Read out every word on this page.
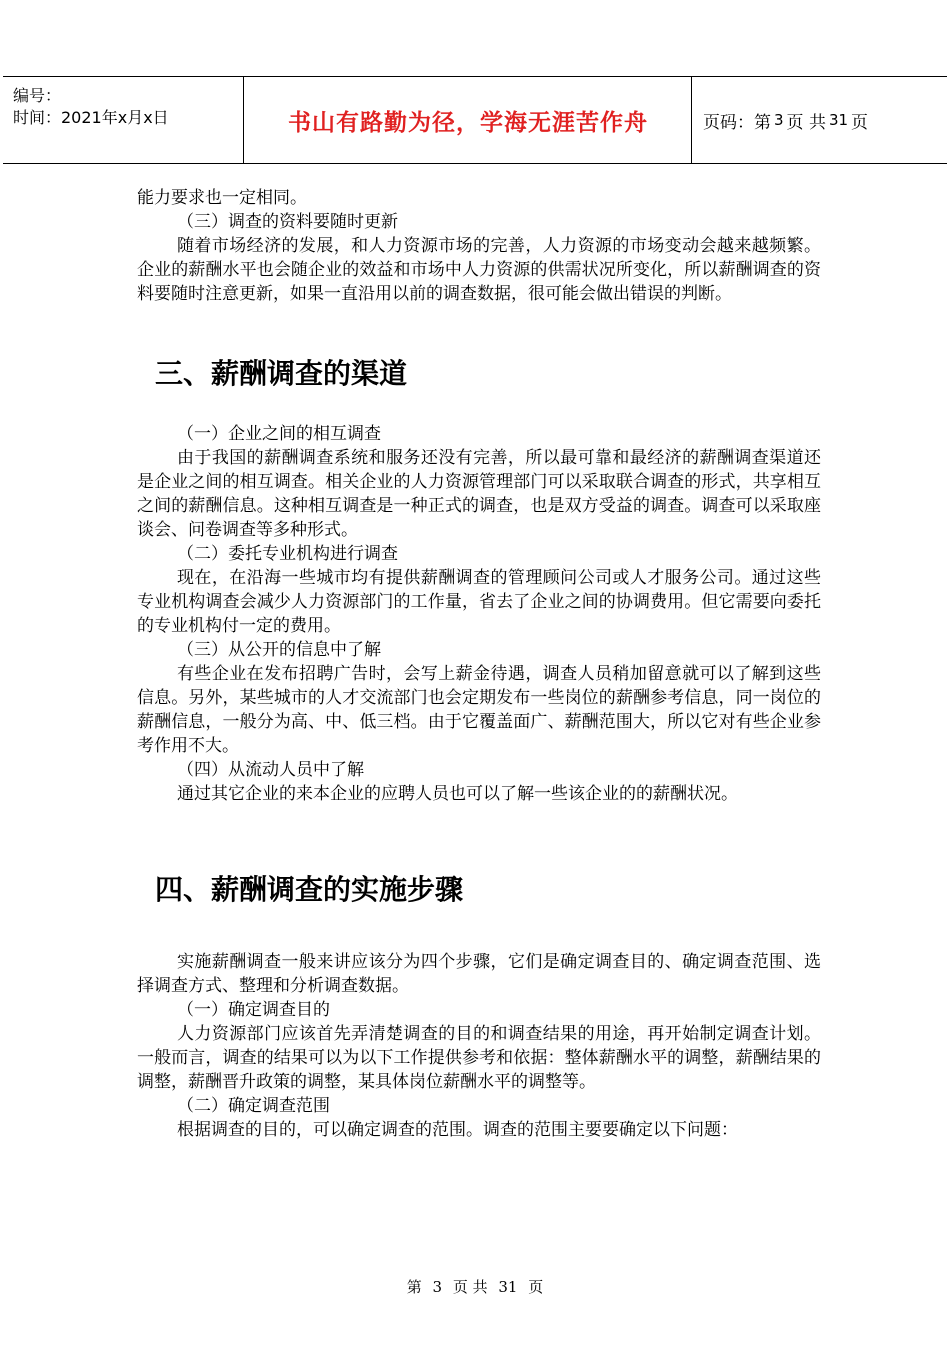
编号：
时间：2021年x月x日	书山有路勤为径，学海无涯苦作舟	页码：第 3 页 共 31 页

能力要求也一定相同。

（三）调查的资料要随时更新

随着市场经济的发展，和人力资源市场的完善，人力资源的市场变动会越来越频繁。企业的薪酬水平也会随企业的效益和市场中人力资源的供需状况所变化，所以薪酬调查的资料要随时注意更新，如果一直沿用以前的调查数据，很可能会做出错误的判断。

三、薪酬调查的渠道

（一）企业之间的相互调查

由于我国的薪酬调查系统和服务还没有完善，所以最可靠和最经济的薪酬调查渠道还是企业之间的相互调查。相关企业的人力资源管理部门可以采取联合调查的形式，共享相互之间的薪酬信息。这种相互调查是一种正式的调查，也是双方受益的调查。调查可以采取座谈会、问卷调查等多种形式。

（二）委托专业机构进行调查

现在，在沿海一些城市均有提供薪酬调查的管理顾问公司或人才服务公司。通过这些专业机构调查会减少人力资源部门的工作量，省去了企业之间的协调费用。但它需要向委托的专业机构付一定的费用。

（三）从公开的信息中了解

有些企业在发布招聘广告时，会写上薪金待遇，调查人员稍加留意就可以了解到这些信息。另外，某些城市的人才交流部门也会定期发布一些岗位的薪酬参考信息，同一岗位的薪酬信息，一般分为高、中、低三档。由于它覆盖面广、薪酬范围大，所以它对有些企业参考作用不大。

（四）从流动人员中了解

通过其它企业的来本企业的应聘人员也可以了解一些该企业的的薪酬状况。

四、薪酬调查的实施步骤

实施薪酬调查一般来讲应该分为四个步骤，它们是确定调查目的、确定调查范围、选择调查方式、整理和分析调查数据。

（一）确定调查目的

人力资源部门应该首先弄清楚调查的目的和调查结果的用途，再开始制定调查计划。一般而言，调查的结果可以为以下工作提供参考和依据：整体薪酬水平的调整，薪酬结果的调整，薪酬晋升政策的调整，某具体岗位薪酬水平的调整等。

（二）确定调查范围

根据调查的目的，可以确定调查的范围。调查的范围主要要确定以下问题：

第 3 页 共 31 页
